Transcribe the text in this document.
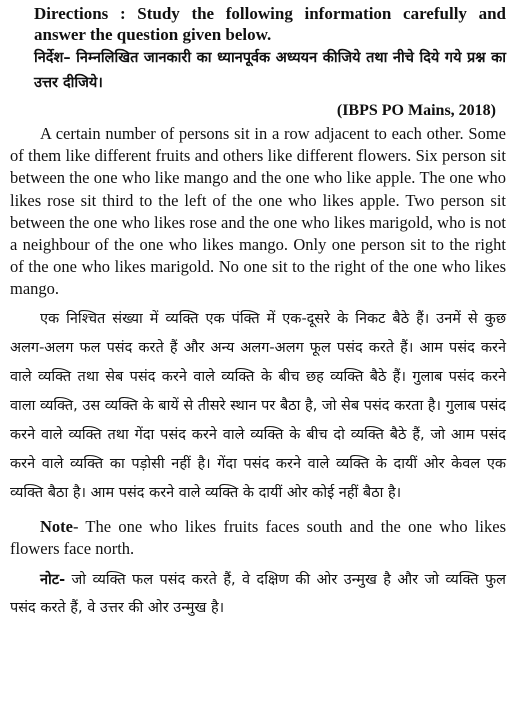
Directions : Study the following information carefully and answer the question given below.
निर्देश– निम्नलिखित जानकारी का ध्यानपूर्वक अध्ययन कीजिये तथा नीचे दिये गये प्रश्न का उत्तर दीजिये।
(IBPS PO Mains, 2018)

A certain number of persons sit in a row adjacent to each other. Some of them like different fruits and others like different flowers. Six person sit between the one who like mango and the one who like apple. The one who likes rose sit third to the left of the one who likes apple. Two person sit between the one who likes rose and the one who likes marigold, who is not a neighbour of the one who likes mango. Only one person sit to the right of the one who likes marigold. No one sit to the right of the one who likes mango.

एक निश्चित संख्या में व्यक्ति एक पंक्ति में एक-दूसरे के निकट बैठे हैं। उनमें से कुछ अलग-अलग फल पसंद करते हैं और अन्य अलग-अलग फूल पसंद करते हैं। आम पसंद करने वाले व्यक्ति तथा सेब पसंद करने वाले व्यक्ति के बीच छह व्यक्ति बैठे हैं। गुलाब पसंद करने वाला व्यक्ति, उस व्यक्ति के बायें से तीसरे स्थान पर बैठा है, जो सेब पसंद करता है। गुलाब पसंद करने वाले व्यक्ति तथा गेंदा पसंद करने वाले व्यक्ति के बीच दो व्यक्ति बैठे हैं, जो आम पसंद करने वाले व्यक्ति का पड़ोसी नहीं है। गेंदा पसंद करने वाले व्यक्ति के दायीं ओर केवल एक व्यक्ति बैठा है। आम पसंद करने वाले व्यक्ति के दायीं ओर कोई नहीं बैठा है।

Note- The one who likes fruits faces south and the one who likes flowers face north.

नोट- जो व्यक्ति फल पसंद करते हैं, वे दक्षिण की ओर उन्मुख है और जो व्यक्ति फुल पसंद करते हैं, वे उत्तर की ओर उन्मुख है।
